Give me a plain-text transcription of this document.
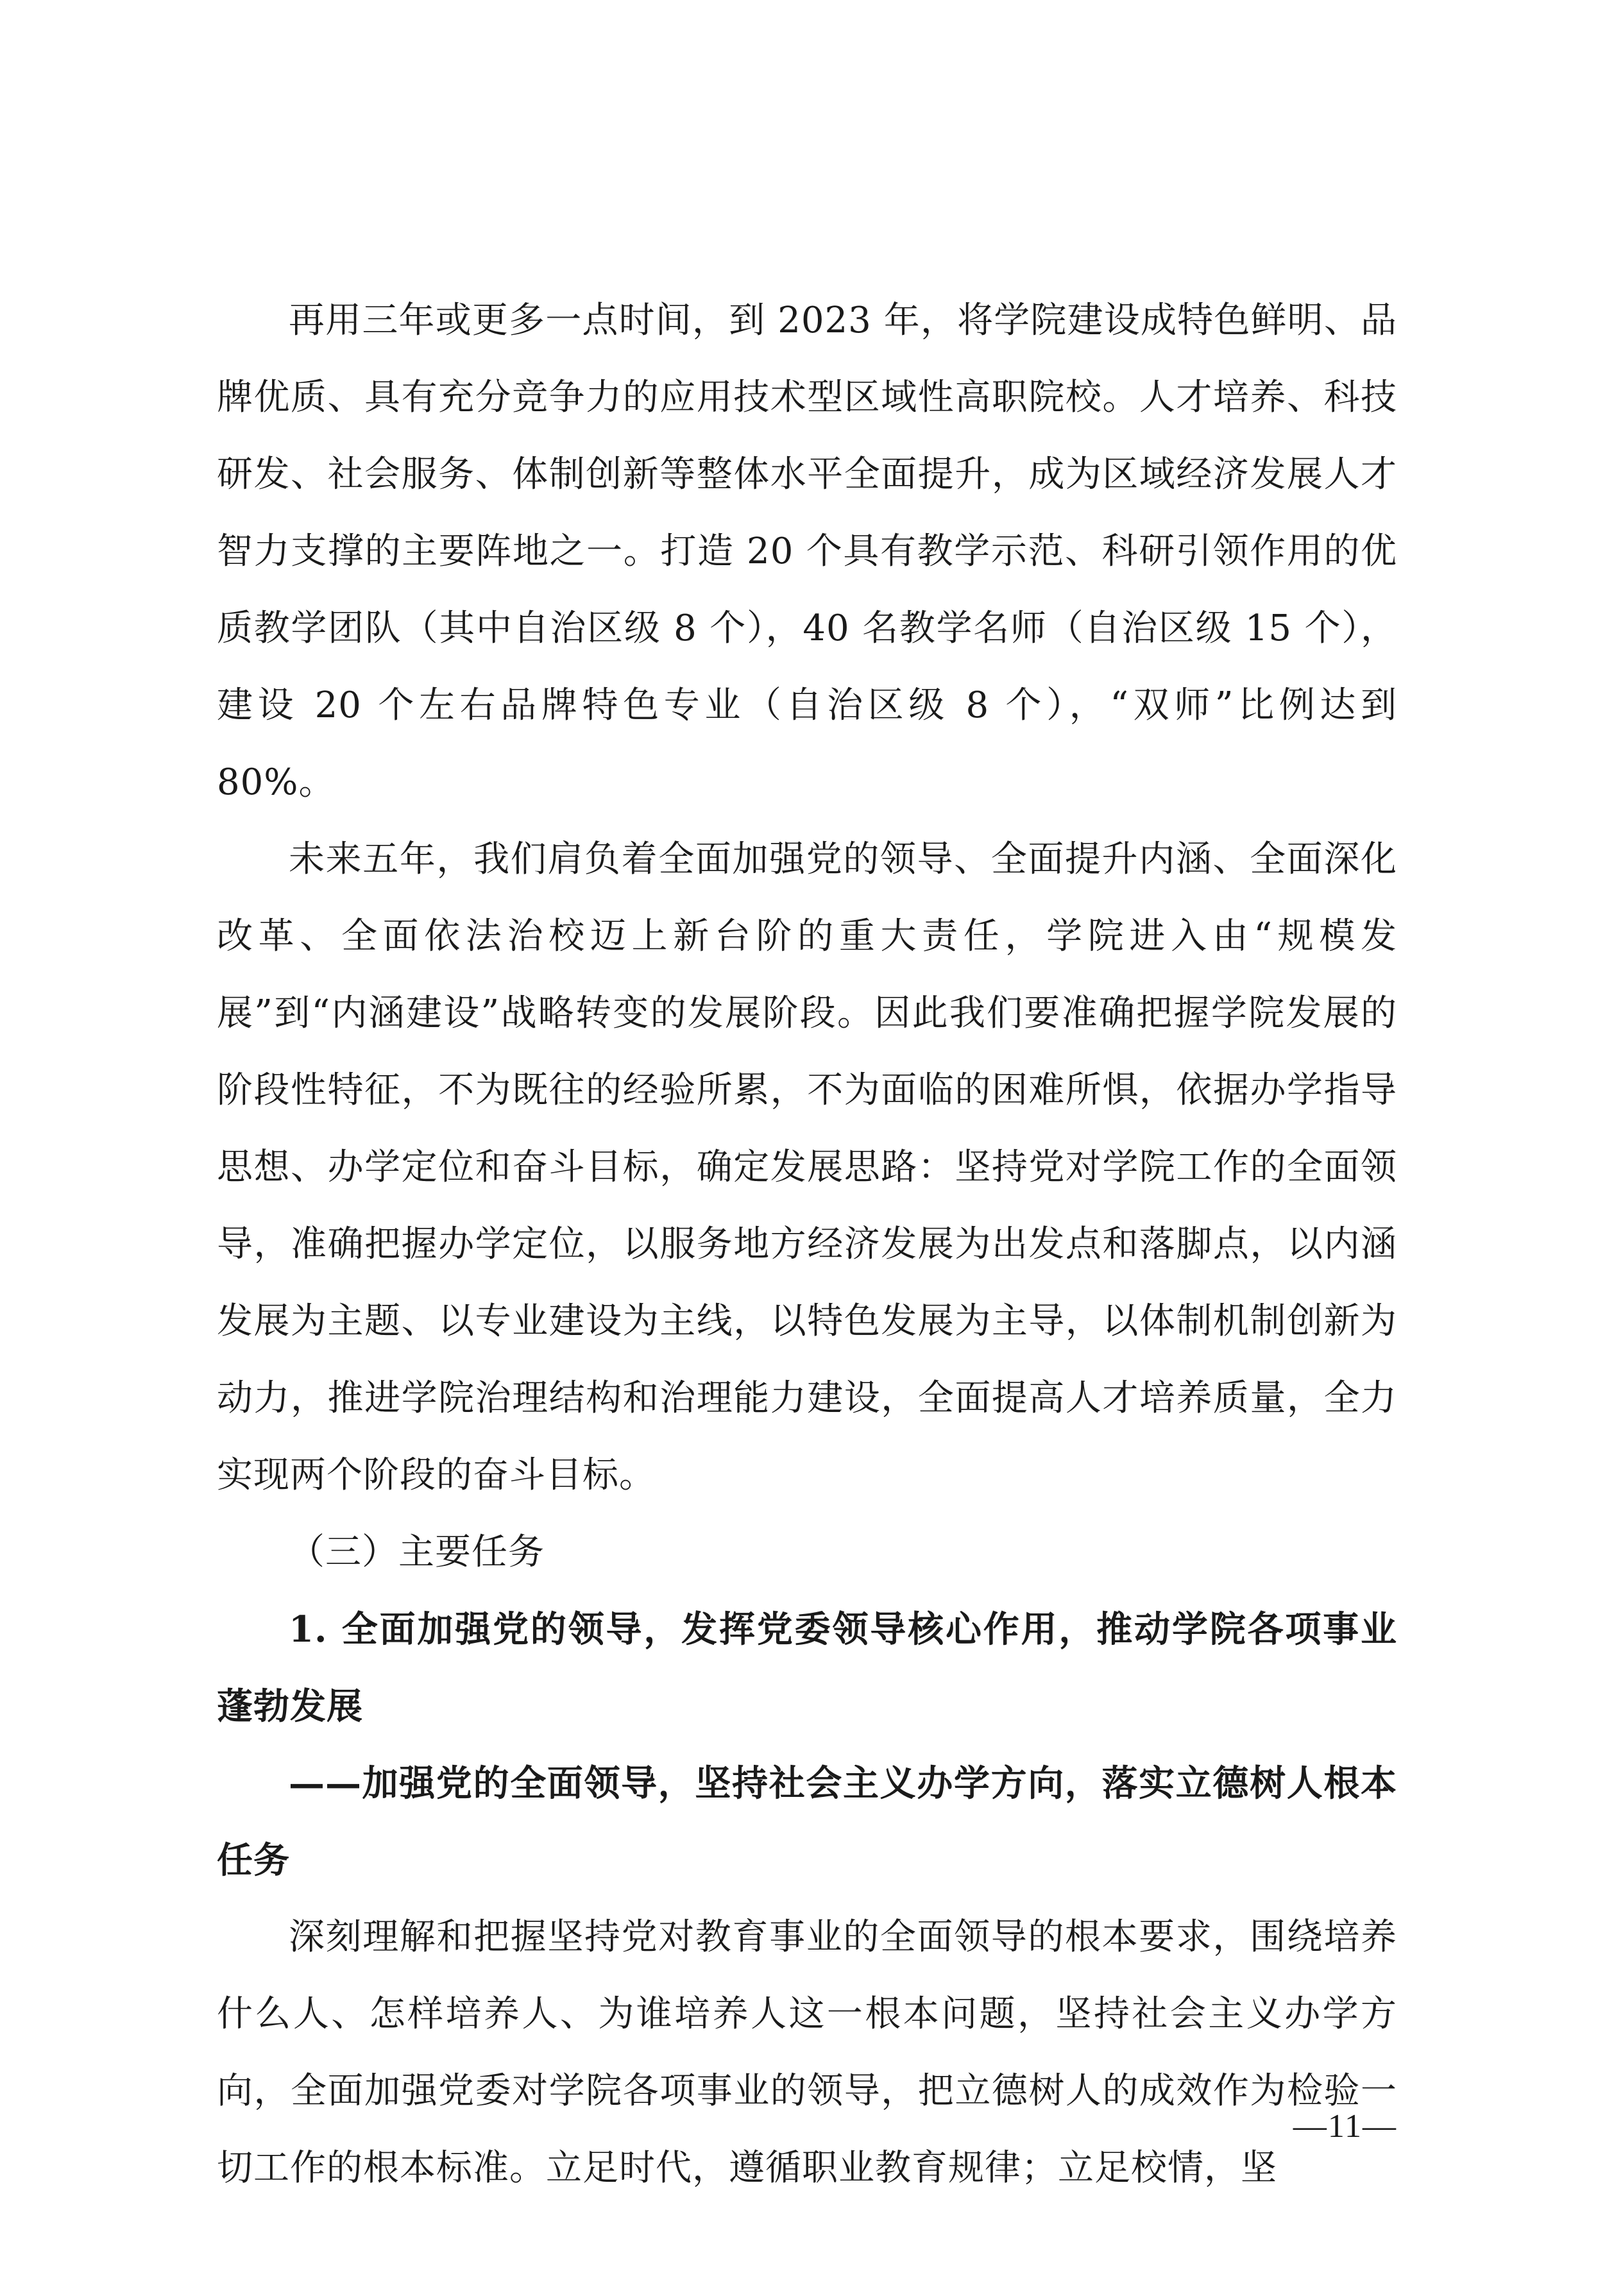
再用三年或更多一点时间，到 2023 年，将学院建设成特色鲜明、品牌优质、具有充分竞争力的应用技术型区域性高职院校。人才培养、科技研发、社会服务、体制创新等整体水平全面提升，成为区域经济发展人才智力支撑的主要阵地之一。打造 20 个具有教学示范、科研引领作用的优质教学团队（其中自治区级 8 个），40 名教学名师（自治区级 15 个），建设 20 个左右品牌特色专业（自治区级 8 个），“双师”比例达到 80%。

未来五年，我们肩负着全面加强党的领导、全面提升内涵、全面深化改革、全面依法治校迈上新台阶的重大责任，学院进入由“规模发展”到“内涵建设”战略转变的发展阶段。因此我们要准确把握学院发展的阶段性特征，不为既往的经验所累，不为面临的困难所惧，依据办学指导思想、办学定位和奋斗目标，确定发展思路：坚持党对学院工作的全面领导，准确把握办学定位，以服务地方经济发展为出发点和落脚点，以内涵发展为主题、以专业建设为主线，以特色发展为主导，以体制机制创新为动力，推进学院治理结构和治理能力建设，全面提高人才培养质量，全力实现两个阶段的奋斗目标。

（三）主要任务

1. 全面加强党的领导，发挥党委领导核心作用，推动学院各项事业蓬勃发展

——加强党的全面领导，坚持社会主义办学方向，落实立德树人根本任务

深刻理解和把握坚持党对教育事业的全面领导的根本要求，围绕培养什么人、怎样培养人、为谁培养人这一根本问题，坚持社会主义办学方向，全面加强党委对学院各项事业的领导，把立德树人的成效作为检验一切工作的根本标准。立足时代，遵循职业教育规律；立足校情，坚

—11—
